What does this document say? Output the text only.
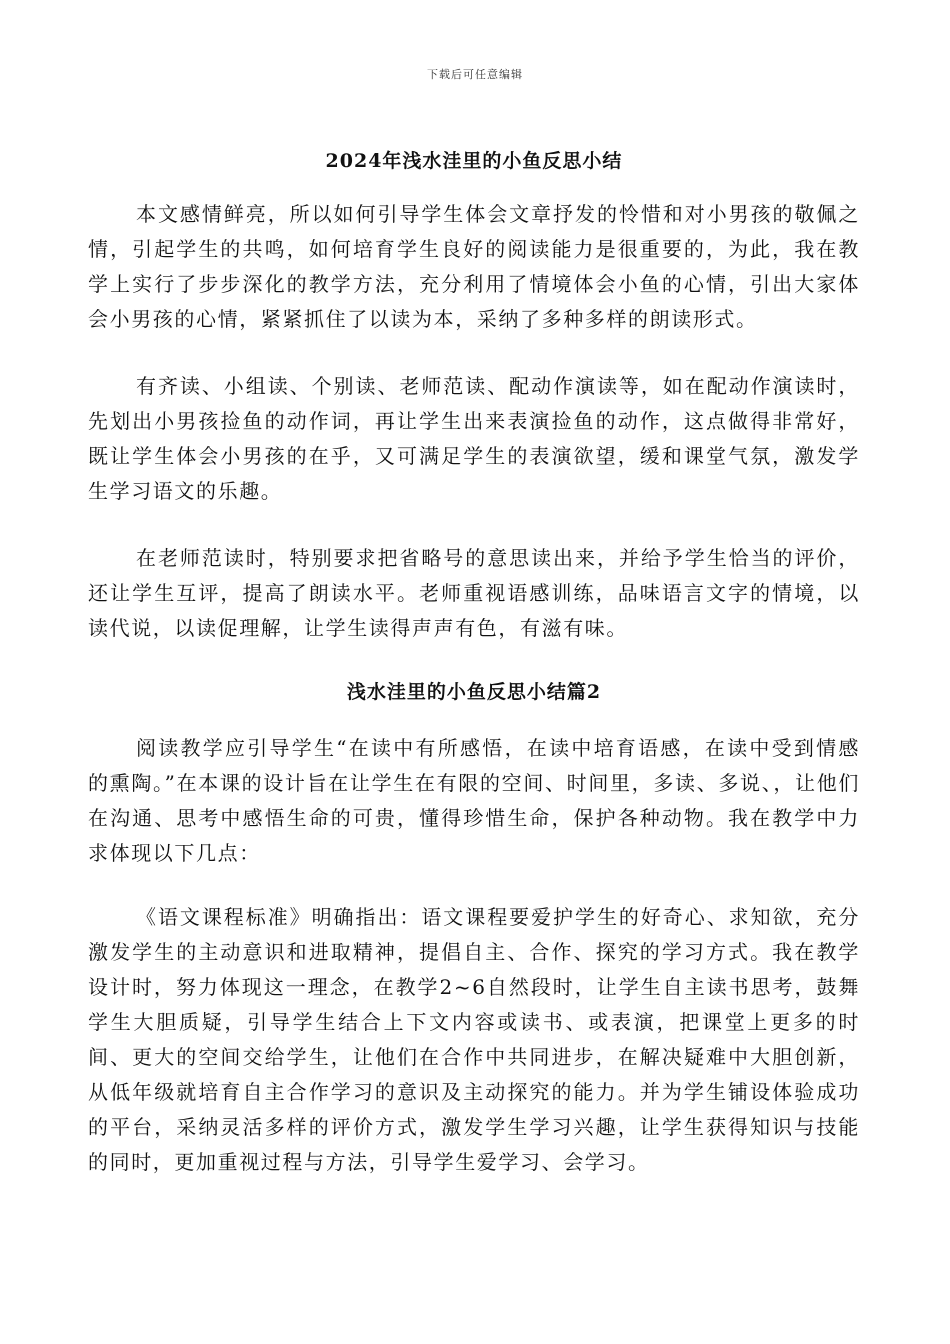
下载后可任意编辑
2024年浅水洼里的小鱼反思小结

本文感情鲜亮，所以如何引导学生体会文章抒发的怜惜和对小男孩的敬佩之情，引起学生的共鸣，如何培育学生良好的阅读能力是很重要的，为此，我在教学上实行了步步深化的教学方法，充分利用了情境体会小鱼的心情，引出大家体会小男孩的心情，紧紧抓住了以读为本，采纳了多种多样的朗读形式。

有齐读、小组读、个别读、老师范读、配动作演读等，如在配动作演读时，先划出小男孩捡鱼的动作词，再让学生出来表演捡鱼的动作，这点做得非常好，既让学生体会小男孩的在乎，又可满足学生的表演欲望，缓和课堂气氛，激发学生学习语文的乐趣。

在老师范读时，特别要求把省略号的意思读出来，并给予学生恰当的评价，还让学生互评，提高了朗读水平。老师重视语感训练，品味语言文字的情境，以读代说，以读促理解，让学生读得声声有色，有滋有味。

浅水洼里的小鱼反思小结篇2

阅读教学应引导学生“在读中有所感悟，在读中培育语感，在读中受到情感的熏陶。”在本课的设计旨在让学生在有限的空间、时间里，多读、多说、，让他们在沟通、思考中感悟生命的可贵，懂得珍惜生命，保护各种动物。我在教学中力求体现以下几点：

《语文课程标准》明确指出：语文课程要爱护学生的好奇心、求知欲，充分激发学生的主动意识和进取精神，提倡自主、合作、探究的学习方式。我在教学设计时，努力体现这一理念，在教学2~6自然段时，让学生自主读书思考，鼓舞学生大胆质疑，引导学生结合上下文内容或读书、或表演，把课堂上更多的时间、更大的空间交给学生，让他们在合作中共同进步，在解决疑难中大胆创新，从低年级就培育自主合作学习的意识及主动探究的能力。并为学生铺设体验成功的平台，采纳灵活多样的评价方式，激发学生学习兴趣，让学生获得知识与技能的同时，更加重视过程与方法，引导学生爱学习、会学习。
